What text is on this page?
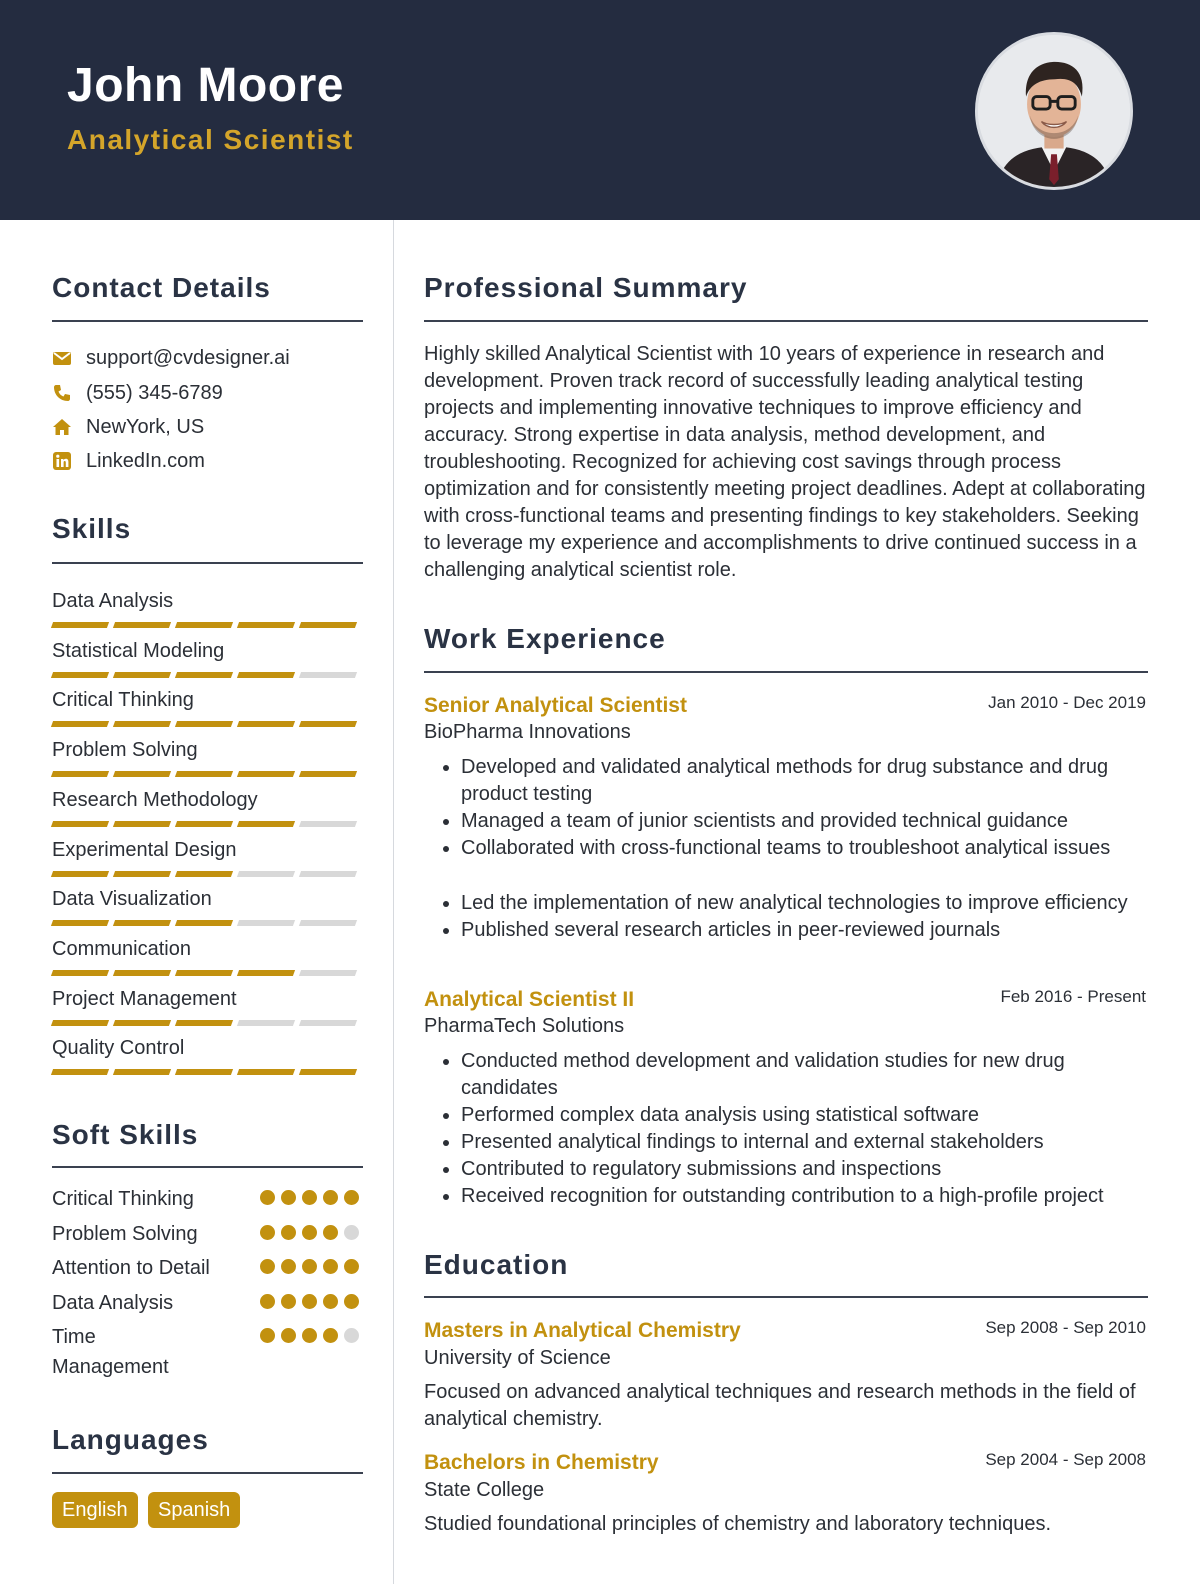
John Moore
Analytical Scientist
Contact Details
support@cvdesigner.ai
(555) 345-6789
NewYork, US
LinkedIn.com
Skills
Data Analysis
Statistical Modeling
Critical Thinking
Problem Solving
Research Methodology
Experimental Design
Data Visualization
Communication
Project Management
Quality Control
Soft Skills
Critical Thinking
Problem Solving
Attention to Detail
Data Analysis
Time Management
Languages
English	Spanish
Professional Summary
Highly skilled Analytical Scientist with 10 years of experience in research and development. Proven track record of successfully leading analytical testing projects and implementing innovative techniques to improve efficiency and accuracy. Strong expertise in data analysis, method development, and troubleshooting. Recognized for achieving cost savings through process optimization and for consistently meeting project deadlines. Adept at collaborating with cross-functional teams and presenting findings to key stakeholders. Seeking to leverage my experience and accomplishments to drive continued success in a challenging analytical scientist role.
Work Experience
Senior Analytical Scientist	Jan 2010 - Dec 2019
BioPharma Innovations
Developed and validated analytical methods for drug substance and drug product testing
Managed a team of junior scientists and provided technical guidance
Collaborated with cross-functional teams to troubleshoot analytical issues
Led the implementation of new analytical technologies to improve efficiency
Published several research articles in peer-reviewed journals
Analytical Scientist II	Feb 2016 - Present
PharmaTech Solutions
Conducted method development and validation studies for new drug candidates
Performed complex data analysis using statistical software
Presented analytical findings to internal and external stakeholders
Contributed to regulatory submissions and inspections
Received recognition for outstanding contribution to a high-profile project
Education
Masters in Analytical Chemistry	Sep 2008 - Sep 2010
University of Science
Focused on advanced analytical techniques and research methods in the field of analytical chemistry.
Bachelors in Chemistry	Sep 2004 - Sep 2008
State College
Studied foundational principles of chemistry and laboratory techniques.
